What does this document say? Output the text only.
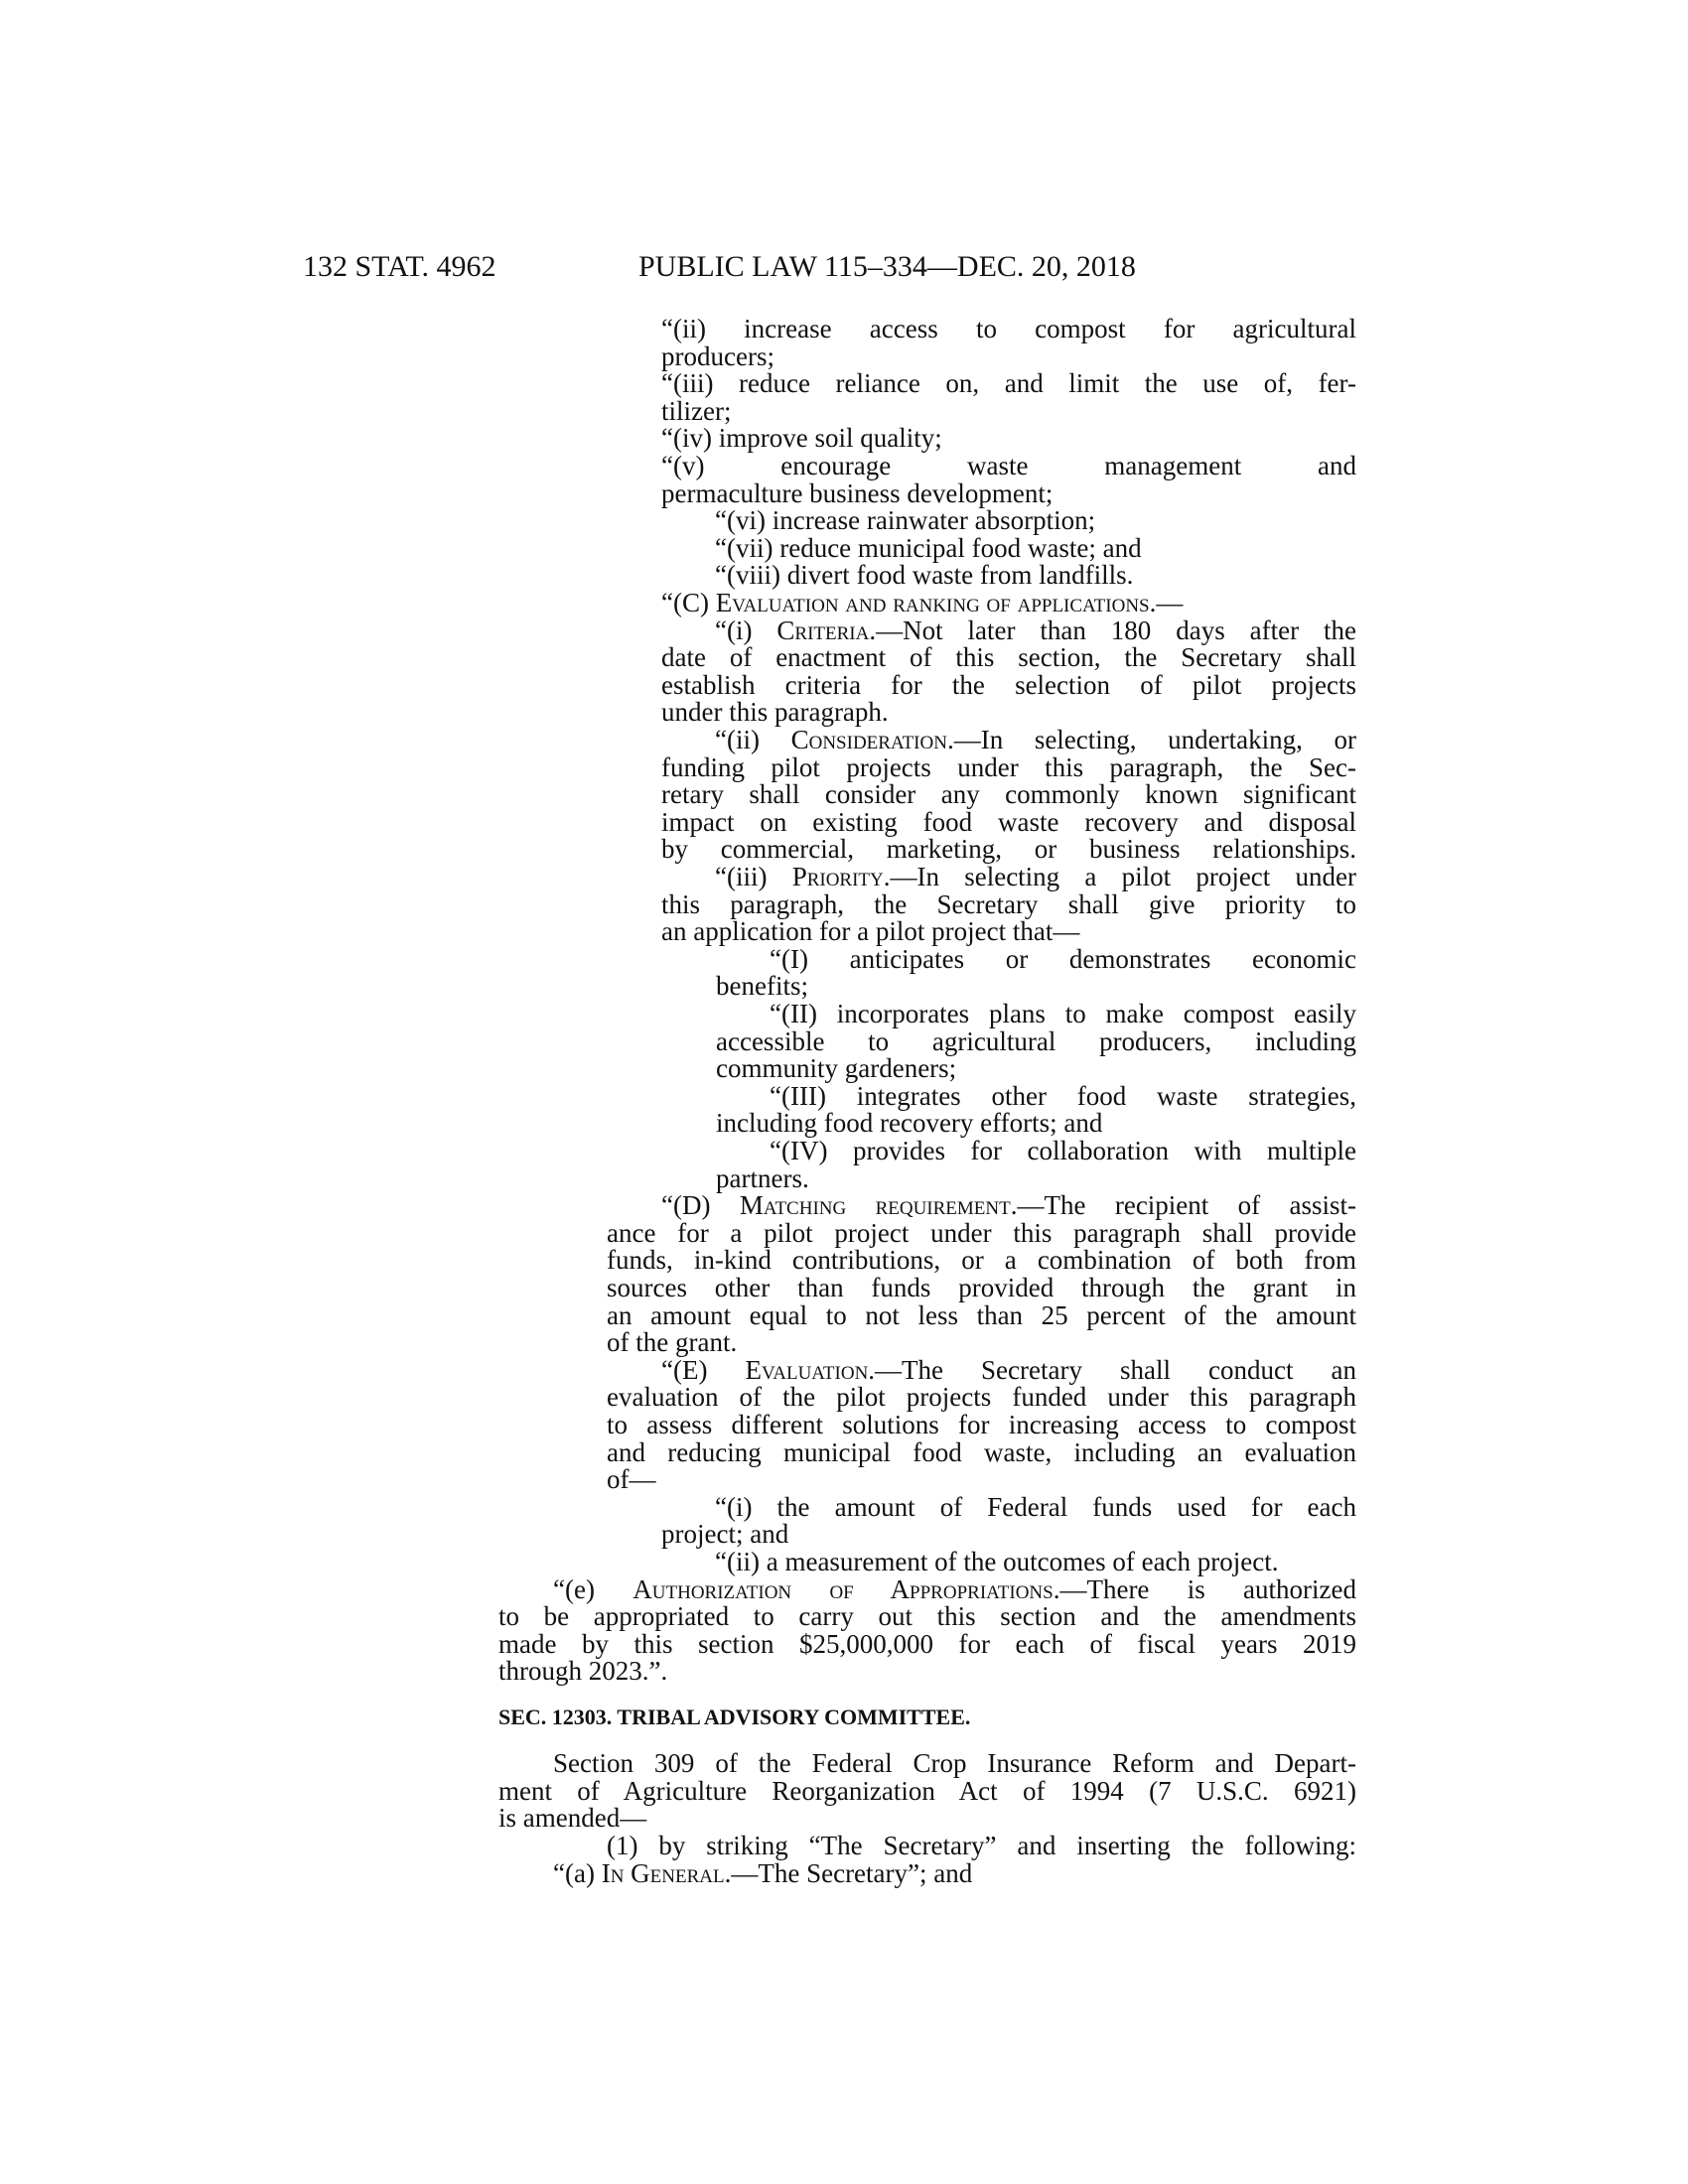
132 STAT. 4962	PUBLIC LAW 115–334—DEC. 20, 2018
“(ii) increase access to compost for agricultural
producers;
“(iii) reduce reliance on, and limit the use of, fer-
tilizer;
“(iv) improve soil quality;
“(v) encourage waste management and
permaculture business development;
“(vi) increase rainwater absorption;
“(vii) reduce municipal food waste; and
“(viii) divert food waste from landfills.
“(C) Evaluation and ranking of applications.—
“(i) Criteria.—Not later than 180 days after the
date of enactment of this section, the Secretary shall
establish criteria for the selection of pilot projects
under this paragraph.
“(ii) Consideration.—In selecting, undertaking, or
funding pilot projects under this paragraph, the Sec-
retary shall consider any commonly known significant
impact on existing food waste recovery and disposal
by commercial, marketing, or business relationships.
“(iii) Priority.—In selecting a pilot project under
this paragraph, the Secretary shall give priority to
an application for a pilot project that—
“(I) anticipates or demonstrates economic
benefits;
“(II) incorporates plans to make compost easily
accessible to agricultural producers, including
community gardeners;
“(III) integrates other food waste strategies,
including food recovery efforts; and
“(IV) provides for collaboration with multiple
partners.
“(D) Matching requirement.—The recipient of assist-
ance for a pilot project under this paragraph shall provide
funds, in-kind contributions, or a combination of both from
sources other than funds provided through the grant in
an amount equal to not less than 25 percent of the amount
of the grant.
“(E) Evaluation.—The Secretary shall conduct an
evaluation of the pilot projects funded under this paragraph
to assess different solutions for increasing access to compost
and reducing municipal food waste, including an evaluation
of—
“(i) the amount of Federal funds used for each
project; and
“(ii) a measurement of the outcomes of each project.
“(e) Authorization of Appropriations.—There is authorized
to be appropriated to carry out this section and the amendments
made by this section $25,000,000 for each of fiscal years 2019
through 2023.”.
SEC. 12303. TRIBAL ADVISORY COMMITTEE.
Section 309 of the Federal Crop Insurance Reform and Depart-
ment of Agriculture Reorganization Act of 1994 (7 U.S.C. 6921)
is amended—
(1) by striking “The Secretary” and inserting the following:
“(a) In General.—The Secretary”; and
